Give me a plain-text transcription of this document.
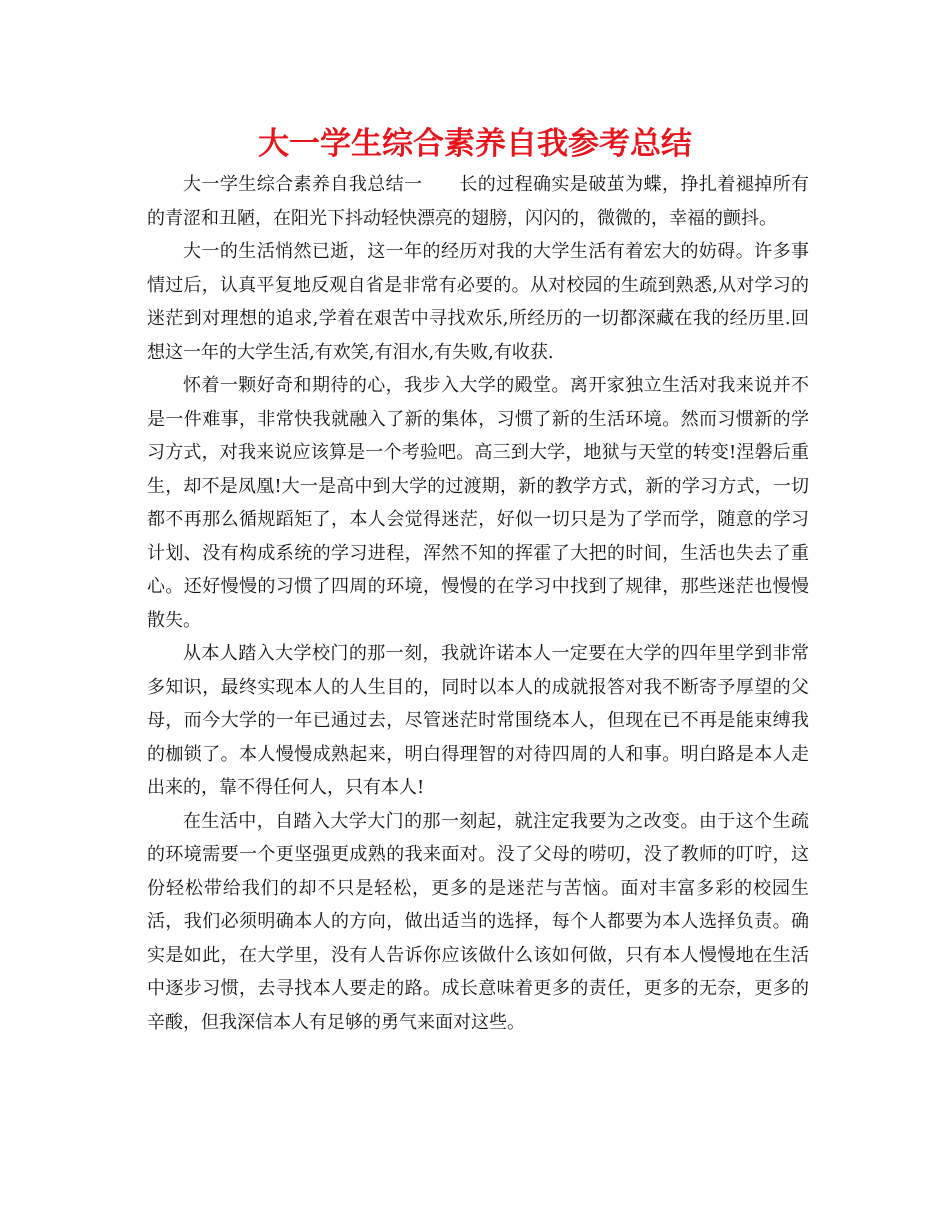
大一学生综合素养自我参考总结

大一学生综合素养自我总结一　　长的过程确实是破茧为蝶，挣扎着褪掉所有的青涩和丑陋，在阳光下抖动轻快漂亮的翅膀，闪闪的，微微的，幸福的颤抖。

大一的生活悄然已逝，这一年的经历对我的大学生活有着宏大的妨碍。许多事情过后，认真平复地反观自省是非常有必要的。从对校园的生疏到熟悉,从对学习的迷茫到对理想的追求,学着在艰苦中寻找欢乐,所经历的一切都深藏在我的经历里.回想这一年的大学生活,有欢笑,有泪水,有失败,有收获.

怀着一颗好奇和期待的心，我步入大学的殿堂。离开家独立生活对我来说并不是一件难事，非常快我就融入了新的集体，习惯了新的生活环境。然而习惯新的学习方式，对我来说应该算是一个考验吧。高三到大学，地狱与天堂的转变!涅磐后重生，却不是凤凰!大一是高中到大学的过渡期，新的教学方式，新的学习方式，一切都不再那么循规蹈矩了，本人会觉得迷茫，好似一切只是为了学而学，随意的学习计划、没有构成系统的学习进程，浑然不知的挥霍了大把的时间，生活也失去了重心。还好慢慢的习惯了四周的环境，慢慢的在学习中找到了规律，那些迷茫也慢慢散失。

从本人踏入大学校门的那一刻，我就许诺本人一定要在大学的四年里学到非常多知识，最终实现本人的人生目的，同时以本人的成就报答对我不断寄予厚望的父母，而今大学的一年已通过去，尽管迷茫时常围绕本人，但现在已不再是能束缚我的枷锁了。本人慢慢成熟起来，明白得理智的对待四周的人和事。明白路是本人走出来的，靠不得任何人，只有本人!

在生活中，自踏入大学大门的那一刻起，就注定我要为之改变。由于这个生疏的环境需要一个更坚强更成熟的我来面对。没了父母的唠叨，没了教师的叮咛，这份轻松带给我们的却不只是轻松，更多的是迷茫与苦恼。面对丰富多彩的校园生活，我们必须明确本人的方向，做出适当的选择，每个人都要为本人选择负责。确实是如此，在大学里，没有人告诉你应该做什么该如何做，只有本人慢慢地在生活中逐步习惯，去寻找本人要走的路。成长意味着更多的责任，更多的无奈，更多的辛酸，但我深信本人有足够的勇气来面对这些。
